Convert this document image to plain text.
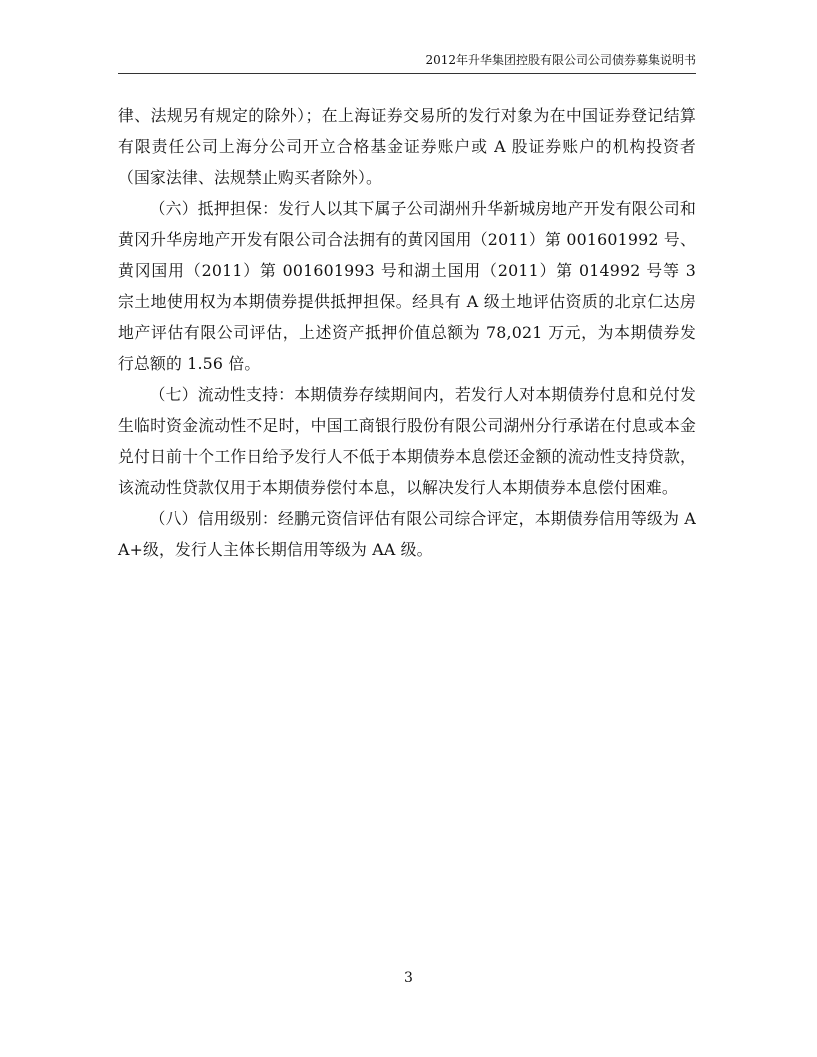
2012年升华集团控股有限公司公司债券募集说明书

律、法规另有规定的除外）；在上海证券交易所的发行对象为在中国证券登记结算有限责任公司上海分公司开立合格基金证券账户或 A 股证券账户的机构投资者（国家法律、法规禁止购买者除外）。

（六）抵押担保：发行人以其下属子公司湖州升华新城房地产开发有限公司和黄冈升华房地产开发有限公司合法拥有的黄冈国用（2011）第 001601992 号、黄冈国用（2011）第 001601993 号和湖土国用（2011）第 014992 号等 3 宗土地使用权为本期债券提供抵押担保。经具有 A 级土地评估资质的北京仁达房地产评估有限公司评估，上述资产抵押价值总额为 78,021 万元，为本期债券发行总额的 1.56 倍。

（七）流动性支持：本期债券存续期间内，若发行人对本期债券付息和兑付发生临时资金流动性不足时，中国工商银行股份有限公司湖州分行承诺在付息或本金兑付日前十个工作日给予发行人不低于本期债券本息偿还金额的流动性支持贷款，该流动性贷款仅用于本期债券偿付本息，以解决发行人本期债券本息偿付困难。

（八）信用级别：经鹏元资信评估有限公司综合评定，本期债券信用等级为 AA+级，发行人主体长期信用等级为 AA 级。

3
